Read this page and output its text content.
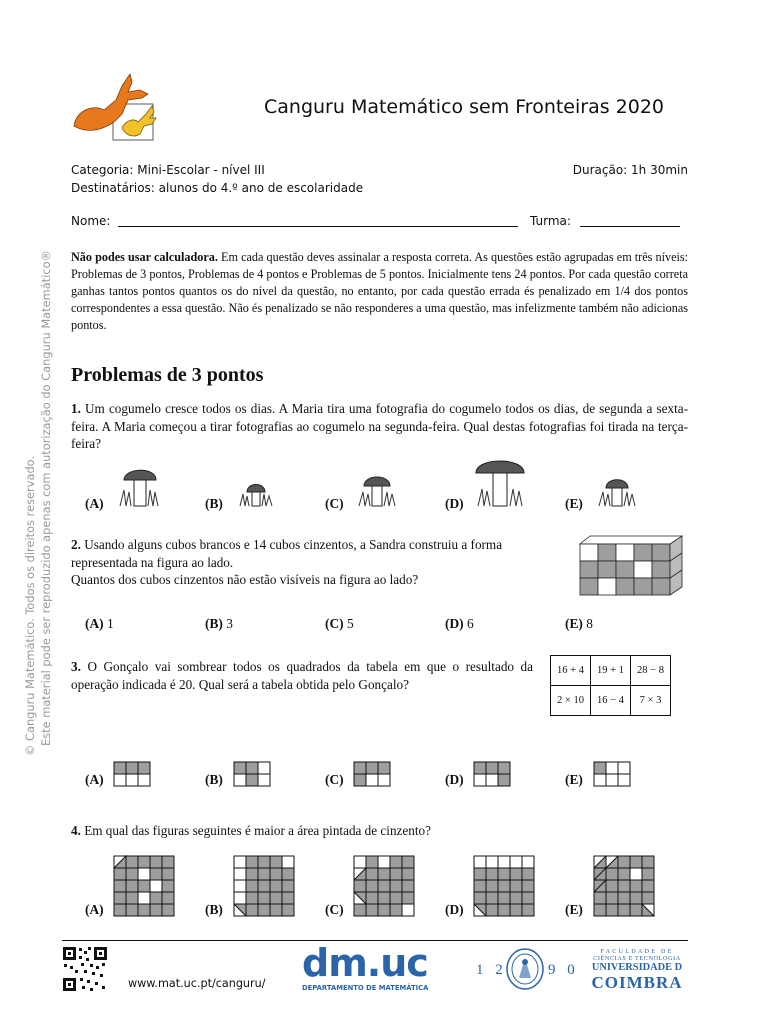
Canguru Matemático sem Fronteiras 2020
Categoria: Mini-Escolar - nível III	Duração: 1h 30min
Destinatários: alunos do 4.º ano de escolaridade
Nome:	Turma:
Não podes usar calculadora. Em cada questão deves assinalar a resposta correta. As questões estão agrupadas em três níveis: Problemas de 3 pontos, Problemas de 4 pontos e Problemas de 5 pontos. Inicialmente tens 24 pontos. Por cada questão correta ganhas tantos pontos quantos os do nível da questão, no entanto, por cada questão errada és penalizado em 1/4 dos pontos correspondentes a essa questão. Não és penalizado se não responderes a uma questão, mas infelizmente também não adicionas pontos.
Problemas de 3 pontos
1. Um cogumelo cresce todos os dias. A Maria tira uma fotografia do cogumelo todos os dias, de segunda a sexta-feira. A Maria começou a tirar fotografias ao cogumelo na segunda-feira. Qual destas fotografias foi tirada na terça-feira?
(A)	(B)	(C)	(D)	(E)
2. Usando alguns cubos brancos e 14 cubos cinzentos, a Sandra construiu a forma representada na figura ao lado.
Quantos dos cubos cinzentos não estão visíveis na figura ao lado?
(A) 1	(B) 3	(C) 5	(D) 6	(E) 8
3. O Gonçalo vai sombrear todos os quadrados da tabela em que o resultado da operação indicada é 20. Qual será a tabela obtida pelo Gonçalo?
16 + 4	19 + 1	28 − 8
2 × 10	16 − 4	7 × 3
(A)	(B)	(C)	(D)	(E)
4. Em qual das figuras seguintes é maior a área pintada de cinzento?
(A)	(B)	(C)	(D)	(E)
© Canguru Matemático. Todos os direitos reservado. Este material pode ser reproduzido apenas com autorização do Canguru Matemático®
www.mat.uc.pt/canguru/ dm.uc
DEPARTAMENTO DE MATEMÁTICA
1 2	9 0
FACULDADE DE
CIÊNCIAS E TECNOLOGIA
UNIVERSIDADE D
COIMBRA
